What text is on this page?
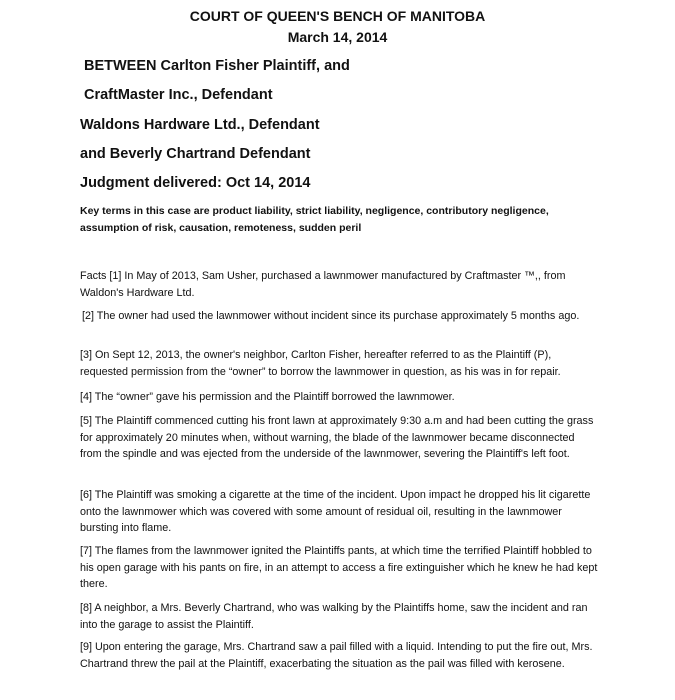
COURT OF QUEEN'S BENCH OF MANITOBA
March 14, 2014
BETWEEN Carlton Fisher Plaintiff, and
CraftMaster Inc., Defendant
Waldons Hardware Ltd., Defendant
and Beverly Chartrand Defendant
Judgment delivered: Oct 14, 2014
Key terms in this case are product liability, strict liability, negligence, contributory negligence, assumption of risk, causation, remoteness, sudden peril
Facts [1] In May of 2013, Sam Usher, purchased a lawnmower manufactured by Craftmaster ™,, from Waldon's Hardware Ltd.
[2] The owner had used the lawnmower without incident since its purchase approximately 5 months ago.
[3] On Sept 12, 2013, the owner's neighbor, Carlton Fisher, hereafter referred to as the Plaintiff (P), requested permission from the “owner” to borrow the lawnmower in question, as his was in for repair.
[4] The “owner” gave his permission and the Plaintiff borrowed the lawnmower.
[5] The Plaintiff commenced cutting his front lawn at approximately 9:30 a.m and had been cutting the grass for approximately 20 minutes when, without warning, the blade of the lawnmower became disconnected from the spindle and was ejected from the underside of the lawnmower, severing the Plaintiff's left foot.
[6] The Plaintiff was smoking a cigarette at the time of the incident. Upon impact he dropped his lit cigarette onto the lawnmower which was covered with some amount of residual oil, resulting in the lawnmower bursting into flame.
[7] The flames from the lawnmower ignited the Plaintiffs pants, at which time the terrified Plaintiff hobbled to his open garage with his pants on fire, in an attempt to access a fire extinguisher which he knew he had kept there.
[8] A neighbor, a Mrs. Beverly Chartrand, who was walking by the Plaintiffs home, saw the incident and ran into the garage to assist the Plaintiff.
[9] Upon entering the garage, Mrs. Chartrand saw a pail filled with a liquid. Intending to put the fire out, Mrs. Chartrand threw the pail at the Plaintiff, exacerbating the situation as the pail was filled with kerosene.
